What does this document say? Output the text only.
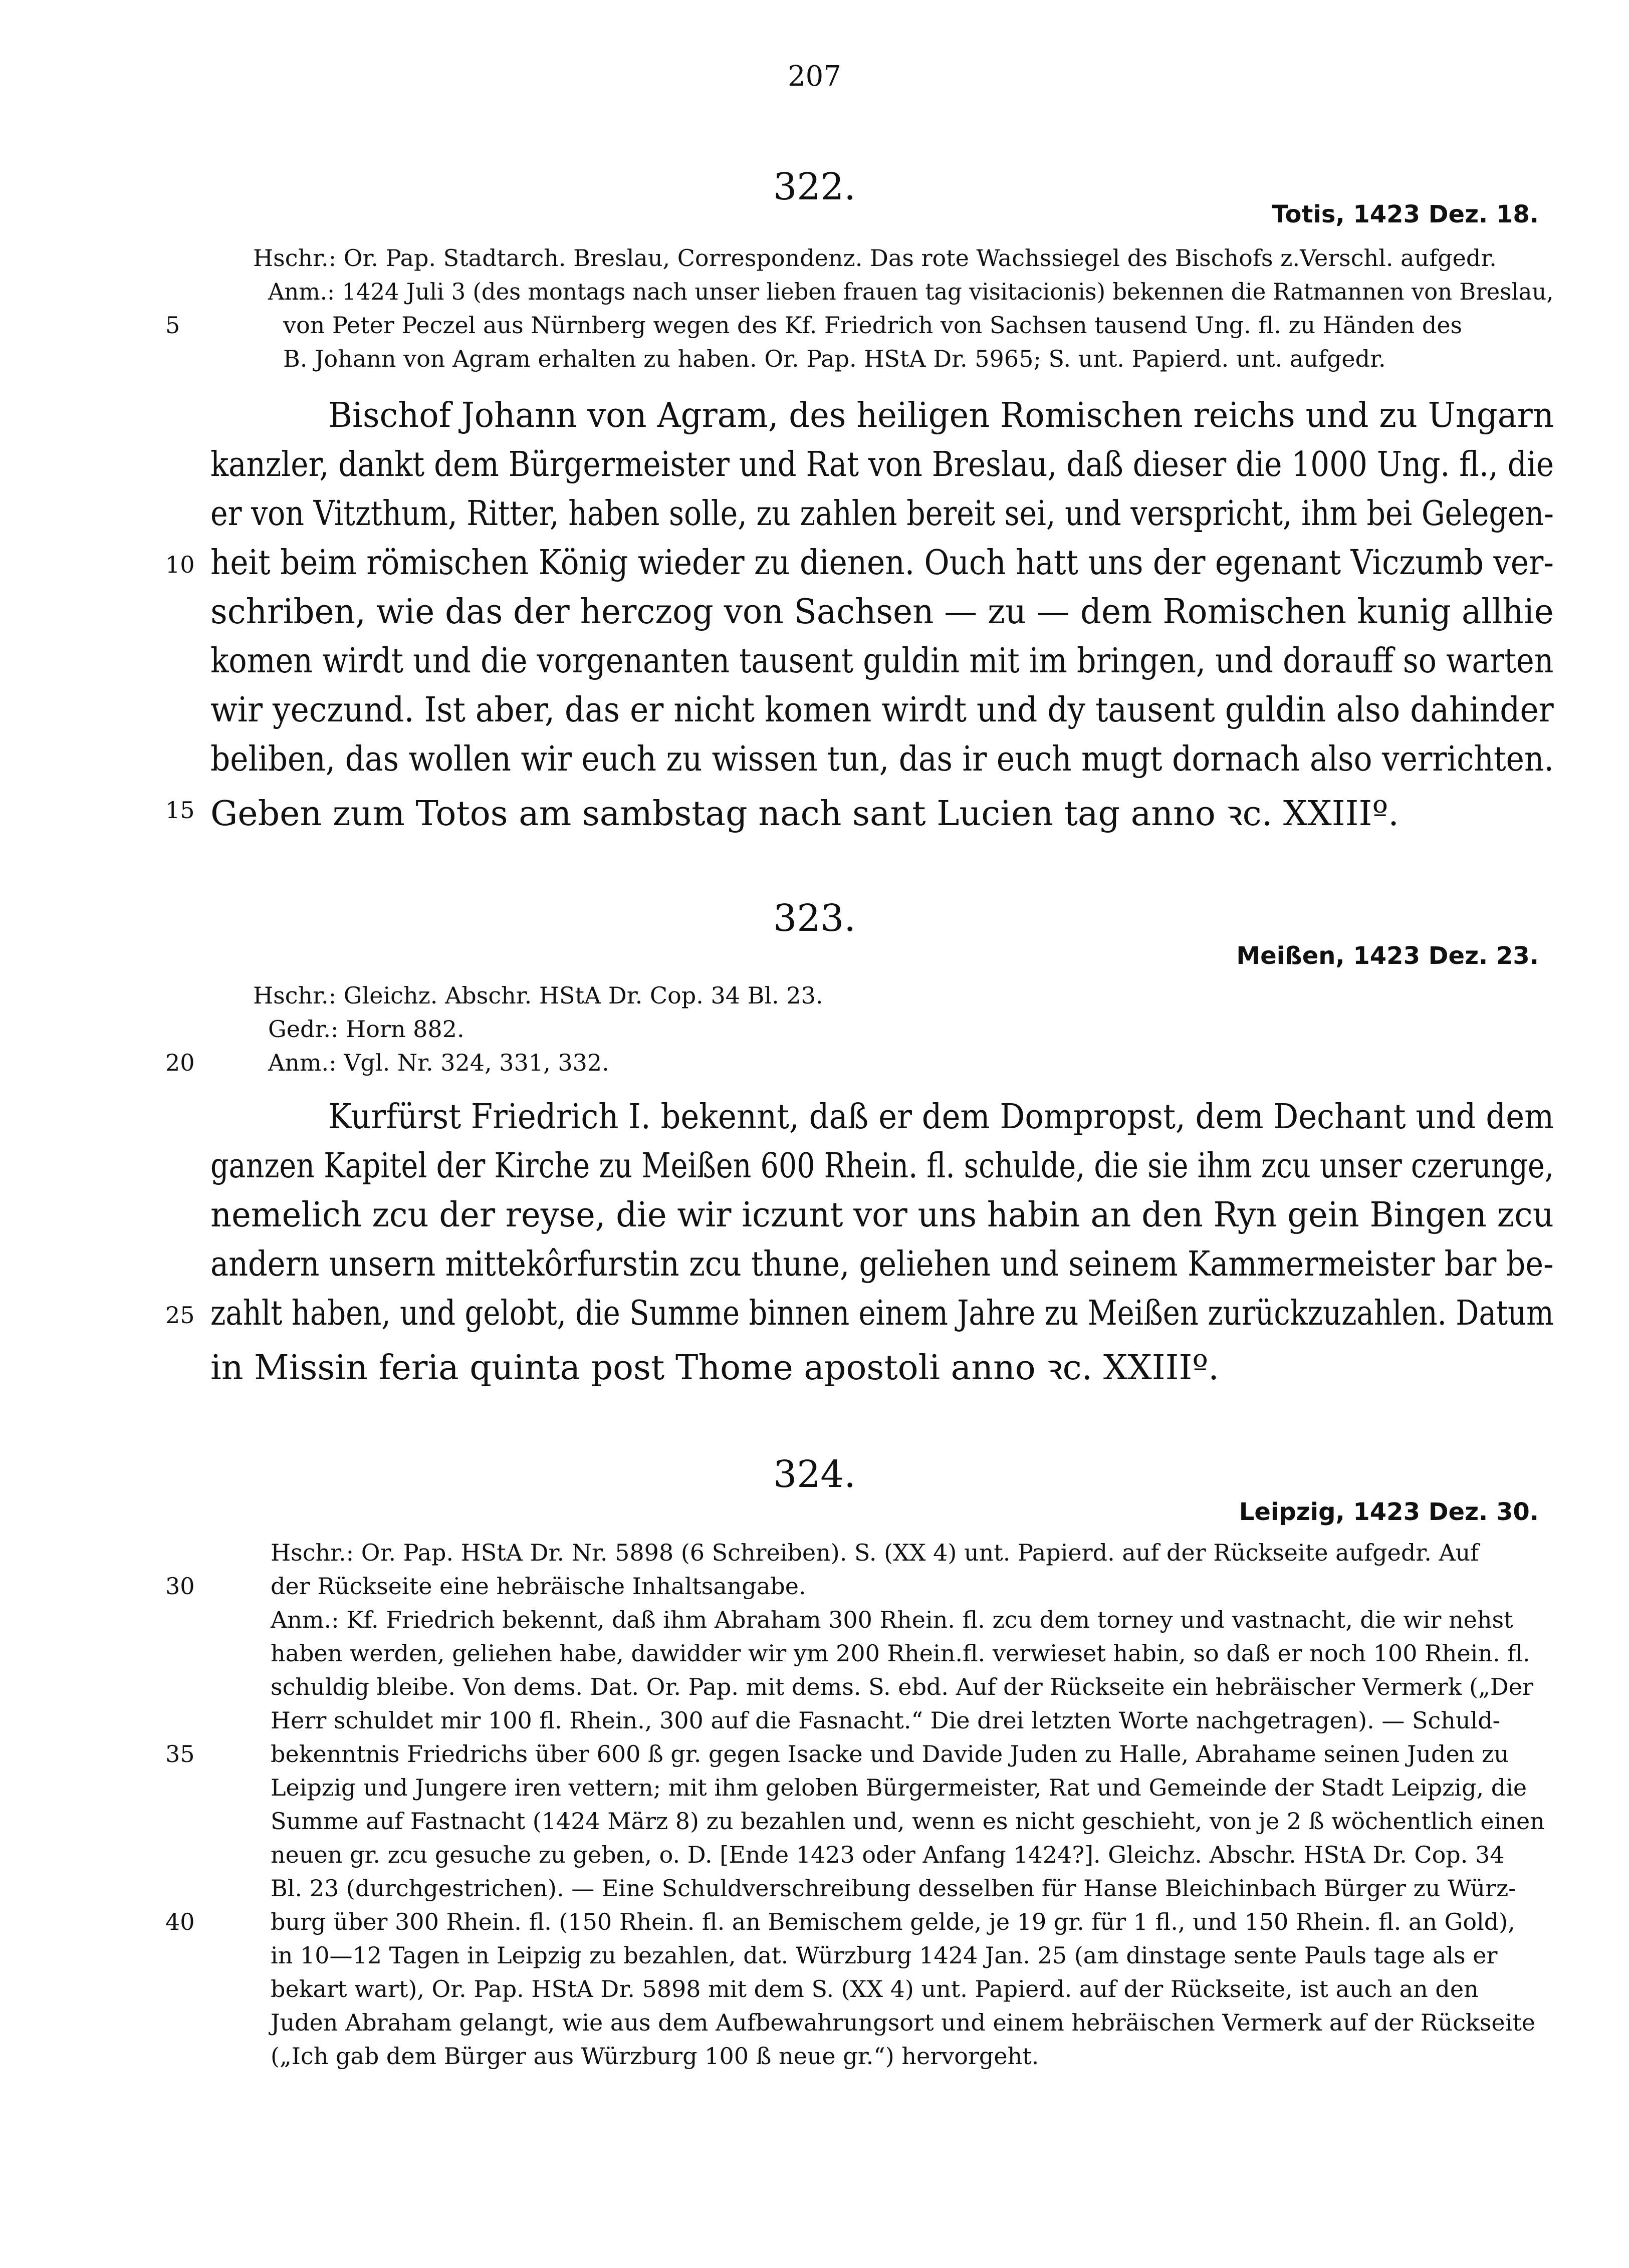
207
322.
Totis, 1423 Dez. 18.
Hschr.: Or. Pap. Stadtarch. Breslau, Correspondenz. Das rote Wachssiegel des Bischofs z.Verschl. aufgedr.
Anm.: 1424 Juli 3 (des montags nach unser lieben frauen tag visitacionis) bekennen die Ratmannen von Breslau,
von Peter Peczel aus Nürnberg wegen des Kf. Friedrich von Sachsen tausend Ung. fl. zu Händen des
B. Johann von Agram erhalten zu haben. Or. Pap. HStA Dr. 5965; S. unt. Papierd. unt. aufgedr.
5
Bischof Johann von Agram, des heiligen Romischen reichs und zu Ungarn
kanzler, dankt dem Bürgermeister und Rat von Breslau, daß dieser die 1000 Ung. fl., die
er von Vitzthum, Ritter, haben solle, zu zahlen bereit sei, und verspricht, ihm bei Gelegen-
heit beim römischen König wieder zu dienen. Ouch hatt uns der egenant Viczumb ver-
schriben, wie das der herczog von Sachsen — zu — dem Romischen kunig allhie
komen wirdt und die vorgenanten tausent guldin mit im bringen, und dorauff so warten
wir yeczund. Ist aber, das er nicht komen wirdt und dy tausent guldin also dahinder
beliben, das wollen wir euch zu wissen tun, das ir euch mugt dornach also verrichten.
Geben zum Totos am sambstag nach sant Lucien tag anno ꝛc. XXIIIº.
10
15
323.
Meißen, 1423 Dez. 23.
Hschr.: Gleichz. Abschr. HStA Dr. Cop. 34 Bl. 23.
Gedr.: Horn 882.
Anm.: Vgl. Nr. 324, 331, 332.
20
Kurfürst Friedrich I. bekennt, daß er dem Dompropst, dem Dechant und dem
ganzen Kapitel der Kirche zu Meißen 600 Rhein. fl. schulde, die sie ihm zcu unser czerunge,
nemelich zcu der reyse, die wir iczunt vor uns habin an den Ryn gein Bingen zcu
andern unsern mittekôrfurstin zcu thune, geliehen und seinem Kammermeister bar be-
zahlt haben, und gelobt, die Summe binnen einem Jahre zu Meißen zurückzuzahlen. Datum
in Missin feria quinta post Thome apostoli anno ꝛc. XXIIIº.
25
324.
Leipzig, 1423 Dez. 30.
Hschr.: Or. Pap. HStA Dr. Nr. 5898 (6 Schreiben). S. (XX 4) unt. Papierd. auf der Rückseite aufgedr. Auf
der Rückseite eine hebräische Inhaltsangabe.
Anm.: Kf. Friedrich bekennt, daß ihm Abraham 300 Rhein. fl. zcu dem torney und vastnacht, die wir nehst
haben werden, geliehen habe, dawidder wir ym 200 Rhein.fl. verwieset habin, so daß er noch 100 Rhein. fl.
schuldig bleibe. Von dems. Dat. Or. Pap. mit dems. S. ebd. Auf der Rückseite ein hebräischer Vermerk („Der
Herr schuldet mir 100 fl. Rhein., 300 auf die Fasnacht.“ Die drei letzten Worte nachgetragen). — Schuld-
bekenntnis Friedrichs über 600 ß gr. gegen Isacke und Davide Juden zu Halle, Abrahame seinen Juden zu
Leipzig und Jungere iren vettern; mit ihm geloben Bürgermeister, Rat und Gemeinde der Stadt Leipzig, die
Summe auf Fastnacht (1424 März 8) zu bezahlen und, wenn es nicht geschieht, von je 2 ß wöchentlich einen
neuen gr. zcu gesuche zu geben, o. D. [Ende 1423 oder Anfang 1424?]. Gleichz. Abschr. HStA Dr. Cop. 34
Bl. 23 (durchgestrichen). — Eine Schuldverschreibung desselben für Hanse Bleichinbach Bürger zu Würz-
burg über 300 Rhein. fl. (150 Rhein. fl. an Bemischem gelde, je 19 gr. für 1 fl., und 150 Rhein. fl. an Gold),
in 10—12 Tagen in Leipzig zu bezahlen, dat. Würzburg 1424 Jan. 25 (am dinstage sente Pauls tage als er
bekart wart), Or. Pap. HStA Dr. 5898 mit dem S. (XX 4) unt. Papierd. auf der Rückseite, ist auch an den
Juden Abraham gelangt, wie aus dem Aufbewahrungsort und einem hebräischen Vermerk auf der Rückseite
(„Ich gab dem Bürger aus Würzburg 100 ß neue gr.“) hervorgeht.
30
35
40
